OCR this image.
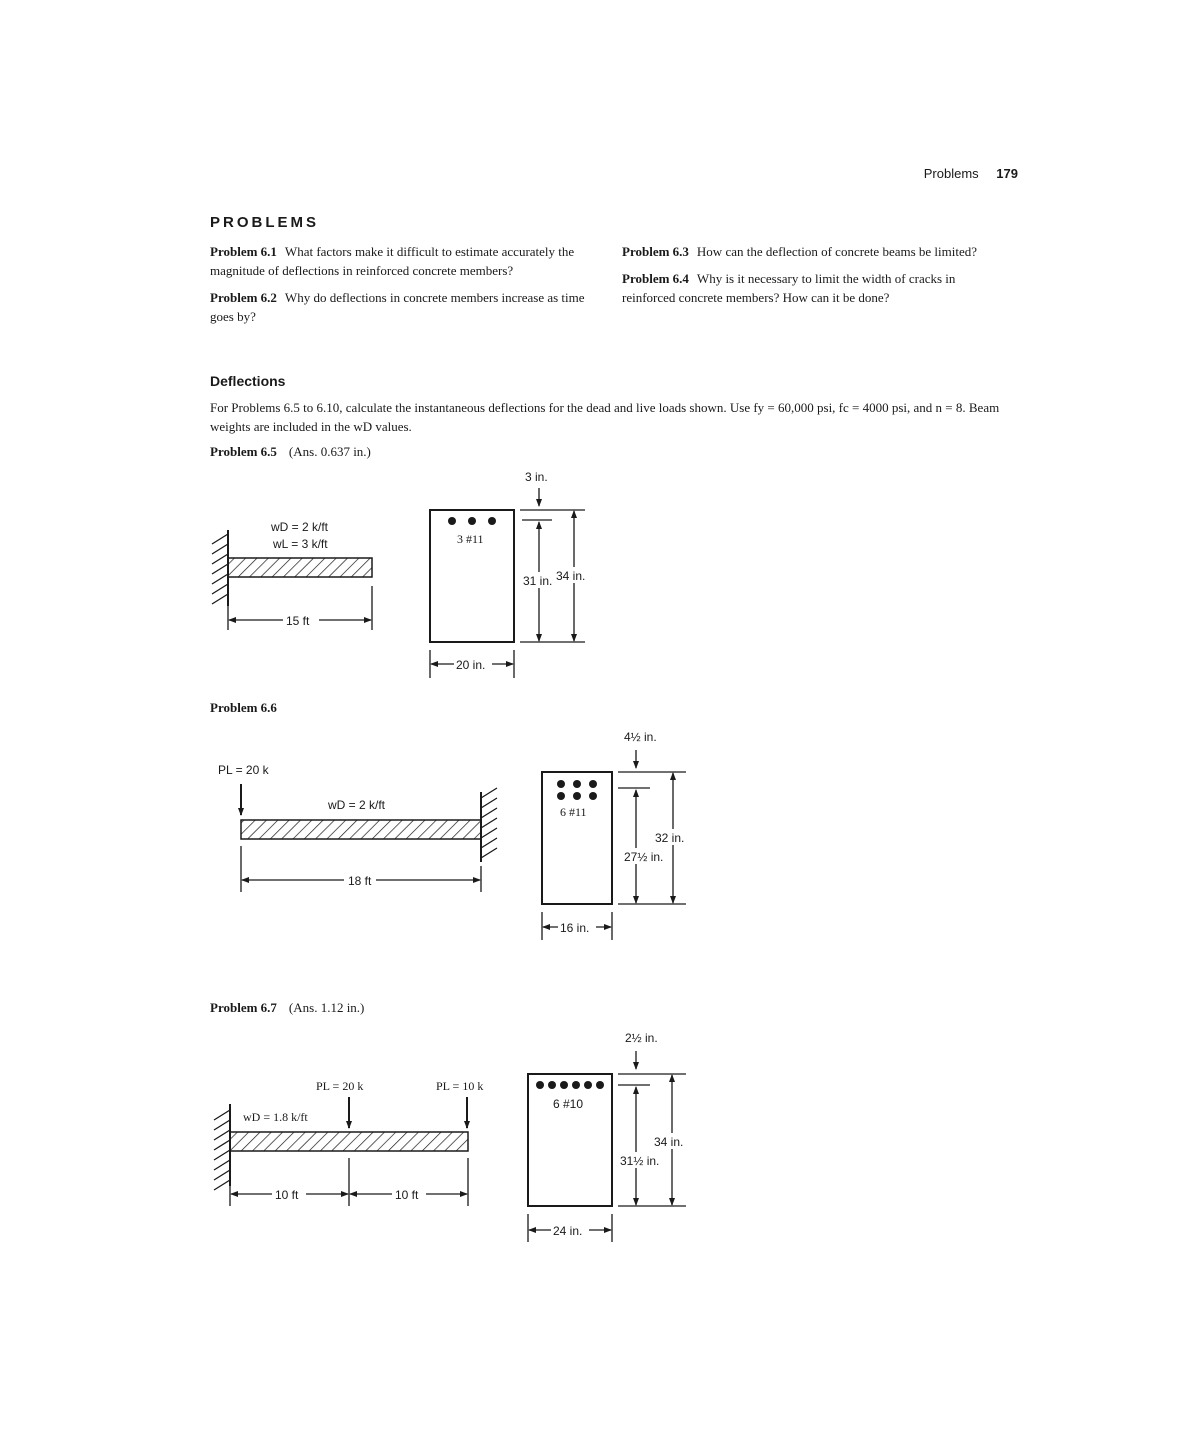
Problems 179
PROBLEMS

Problem 6.1 What factors make it difficult to estimate accurately the magnitude of deflections in reinforced concrete members?

Problem 6.2 Why do deflections in concrete members increase as time goes by?

Problem 6.3 How can the deflection of concrete beams be limited?

Problem 6.4 Why is it necessary to limit the width of cracks in reinforced concrete members? How can it be done?

Deflections
For Problems 6.5 to 6.10, calculate the instantaneous deflections for the dead and live loads shown. Use fy = 60,000 psi, fc = 4000 psi, and n = 8. Beam weights are included in the wD values.
Problem 6.5 (Ans. 0.637 in.)
Problem 6.6
Problem 6.7 (Ans. 1.12 in.)
wD = 2 k/ft
wL = 3 k/ft
15 ft
3 #11
3 in.
31 in. 34 in.
20 in.
PL = 20 k
wD = 2 k/ft
18 ft
6 #11
4½ in.
27½ in.
32 in.
16 in.
wD = 1.8 k/ft
PL = 20 k	PL = 10 k
10 ft	10 ft
6 #10
2½ in.
31½ in.
34 in.
24 in.
